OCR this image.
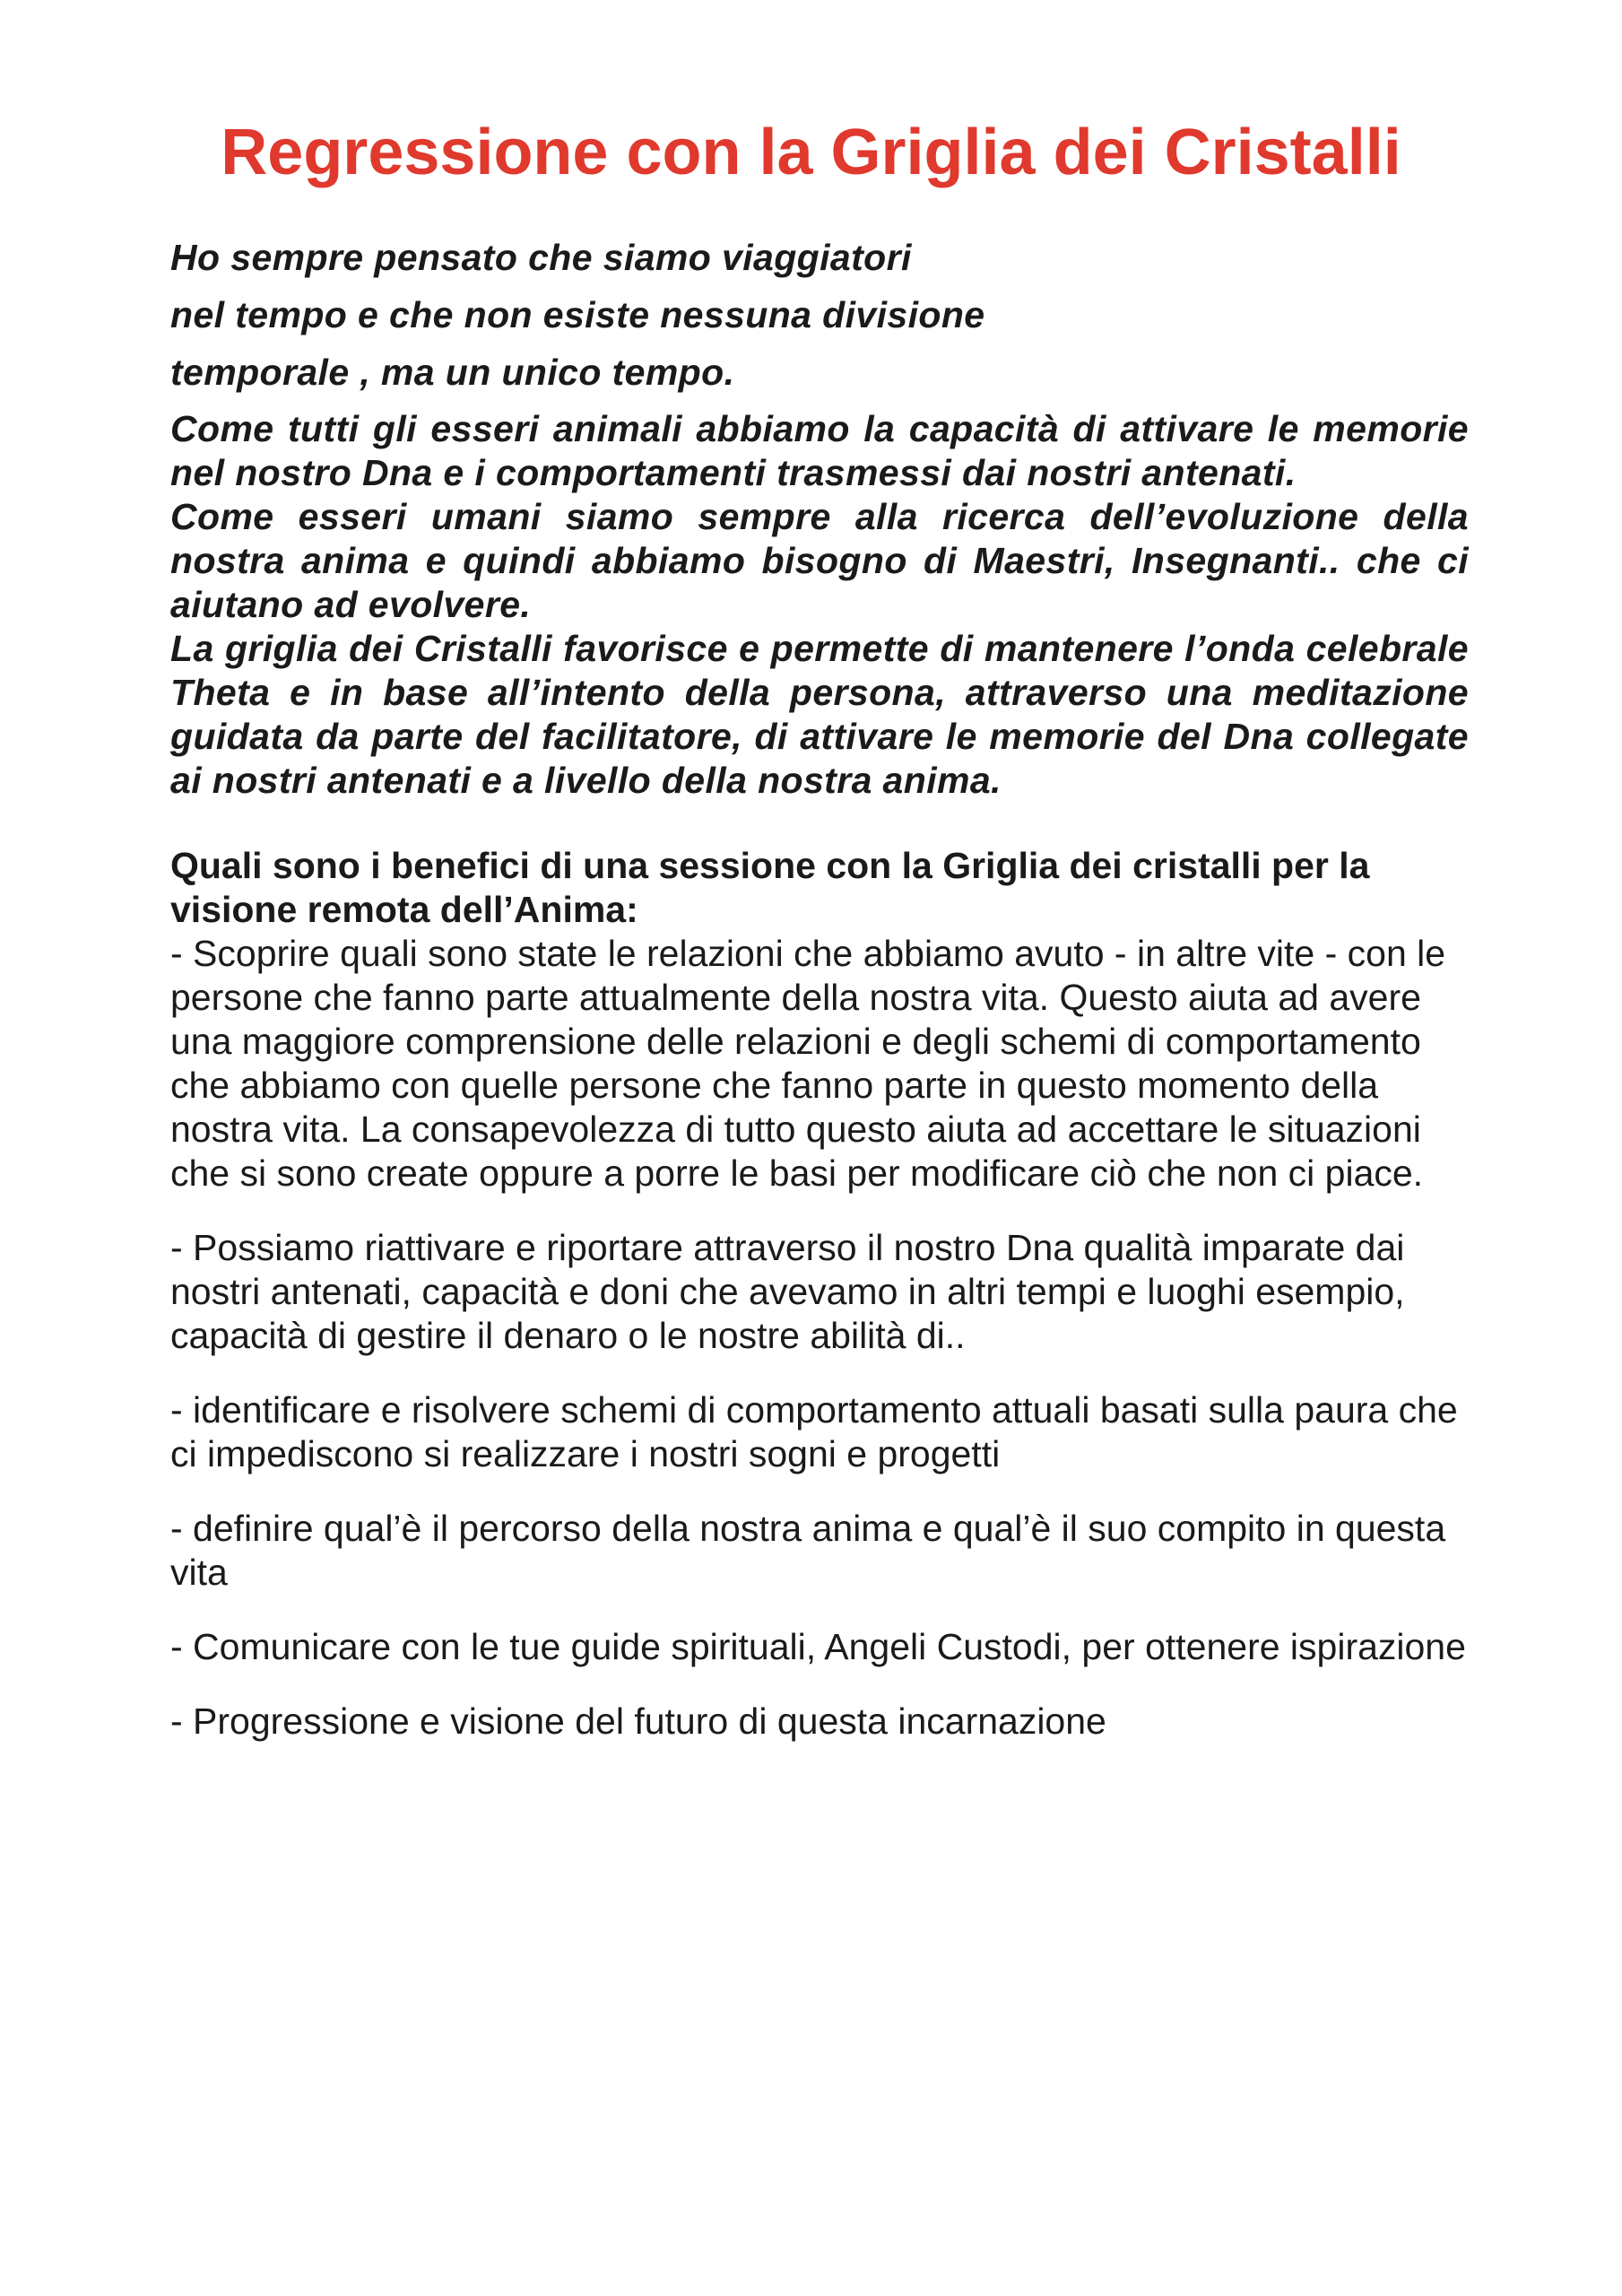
Regressione con la Griglia dei Cristalli

Ho sempre pensato che siamo viaggiatori

nel tempo e che non esiste nessuna divisione

temporale , ma un unico tempo.

Come tutti gli esseri animali abbiamo la capacità di attivare le memorie nel nostro Dna e i comportamenti trasmessi dai nostri antenati.

Come esseri umani siamo sempre alla ricerca dell’evoluzione della nostra anima e quindi abbiamo bisogno di Maestri, Insegnanti.. che ci aiutano ad evolvere.

La griglia dei Cristalli favorisce e permette di mantenere l’onda celebrale Theta e in base all’intento della persona, attraverso una meditazione guidata da parte del facilitatore, di attivare le memorie del Dna collegate ai nostri antenati e a livello della nostra anima.

Quali sono i benefici di una sessione con la Griglia dei cristalli per la visione remota dell’Anima:

- Scoprire quali sono state le relazioni che abbiamo avuto - in altre vite - con le persone che fanno parte attualmente della nostra vita. Questo aiuta ad avere una maggiore comprensione delle relazioni e degli schemi di comportamento che abbiamo con quelle persone che fanno parte in questo momento della nostra vita. La consapevolezza di tutto questo aiuta ad accettare le situazioni che si sono create oppure a porre le basi per modificare ciò che non ci piace.

- Possiamo riattivare e riportare attraverso il nostro Dna qualità imparate dai nostri antenati, capacità e doni che avevamo in altri tempi e luoghi esempio, capacità di gestire il denaro o le nostre abilità di..

- identificare e risolvere schemi di comportamento attuali basati sulla paura che ci impediscono si realizzare i nostri sogni e progetti

- definire qual’è il percorso della nostra anima e qual’è il suo compito in questa vita

- Comunicare con le tue guide spirituali, Angeli Custodi, per ottenere ispirazione

- Progressione e visione del futuro di questa incarnazione
